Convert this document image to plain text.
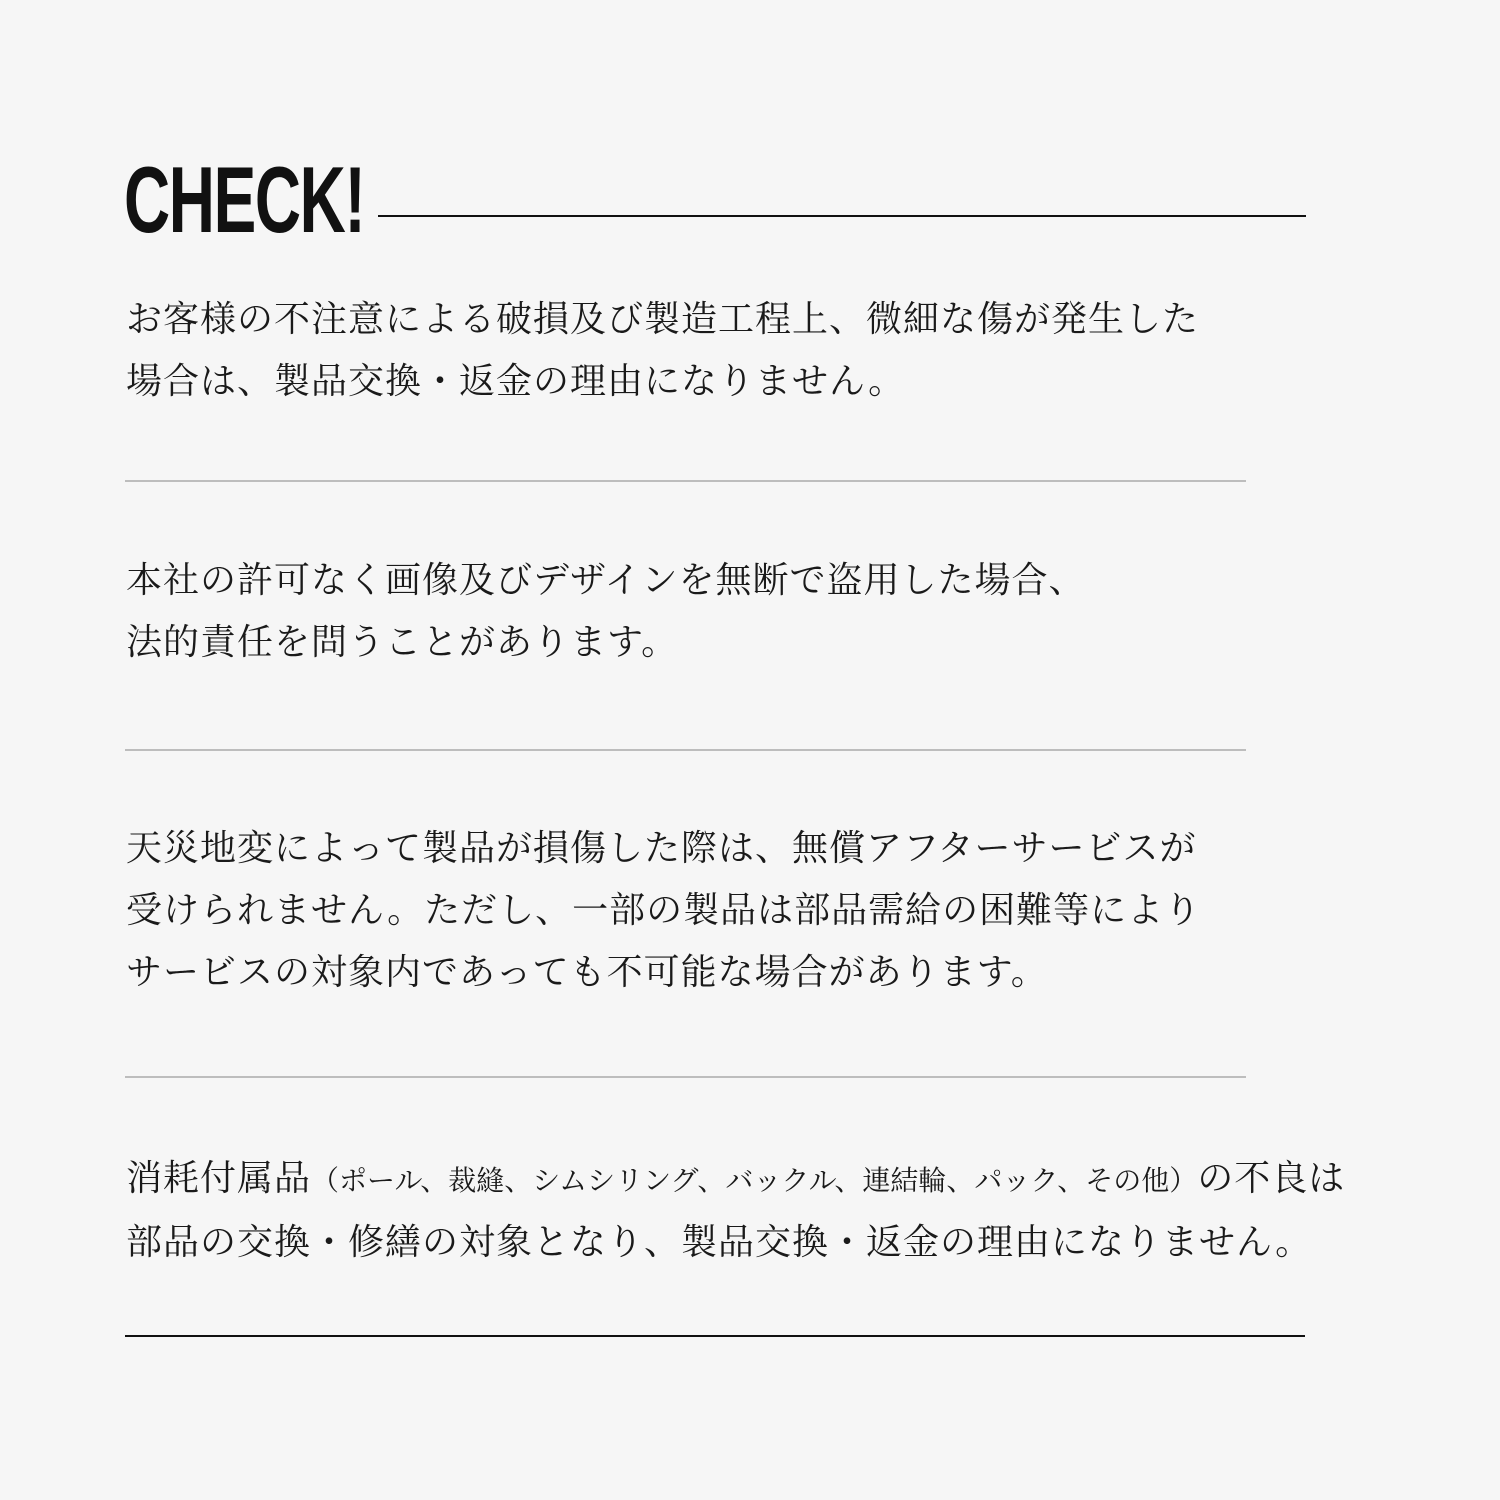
CHECK!
お客様の不注意による破損及び製造工程上、微細な傷が発生した
場合は、製品交換・返金の理由になりません。
本社の許可なく画像及びデザインを無断で盗用した場合、
法的責任を問うことがあります。
天災地変によって製品が損傷した際は、無償アフターサービスが
受けられません。ただし、一部の製品は部品需給の困難等により
サービスの対象内であっても不可能な場合があります。
消耗付属品（ポール、裁縫、シムシリング、バックル、連結輪、パック、その他）の不良は
部品の交換・修繕の対象となり、製品交換・返金の理由になりません。
